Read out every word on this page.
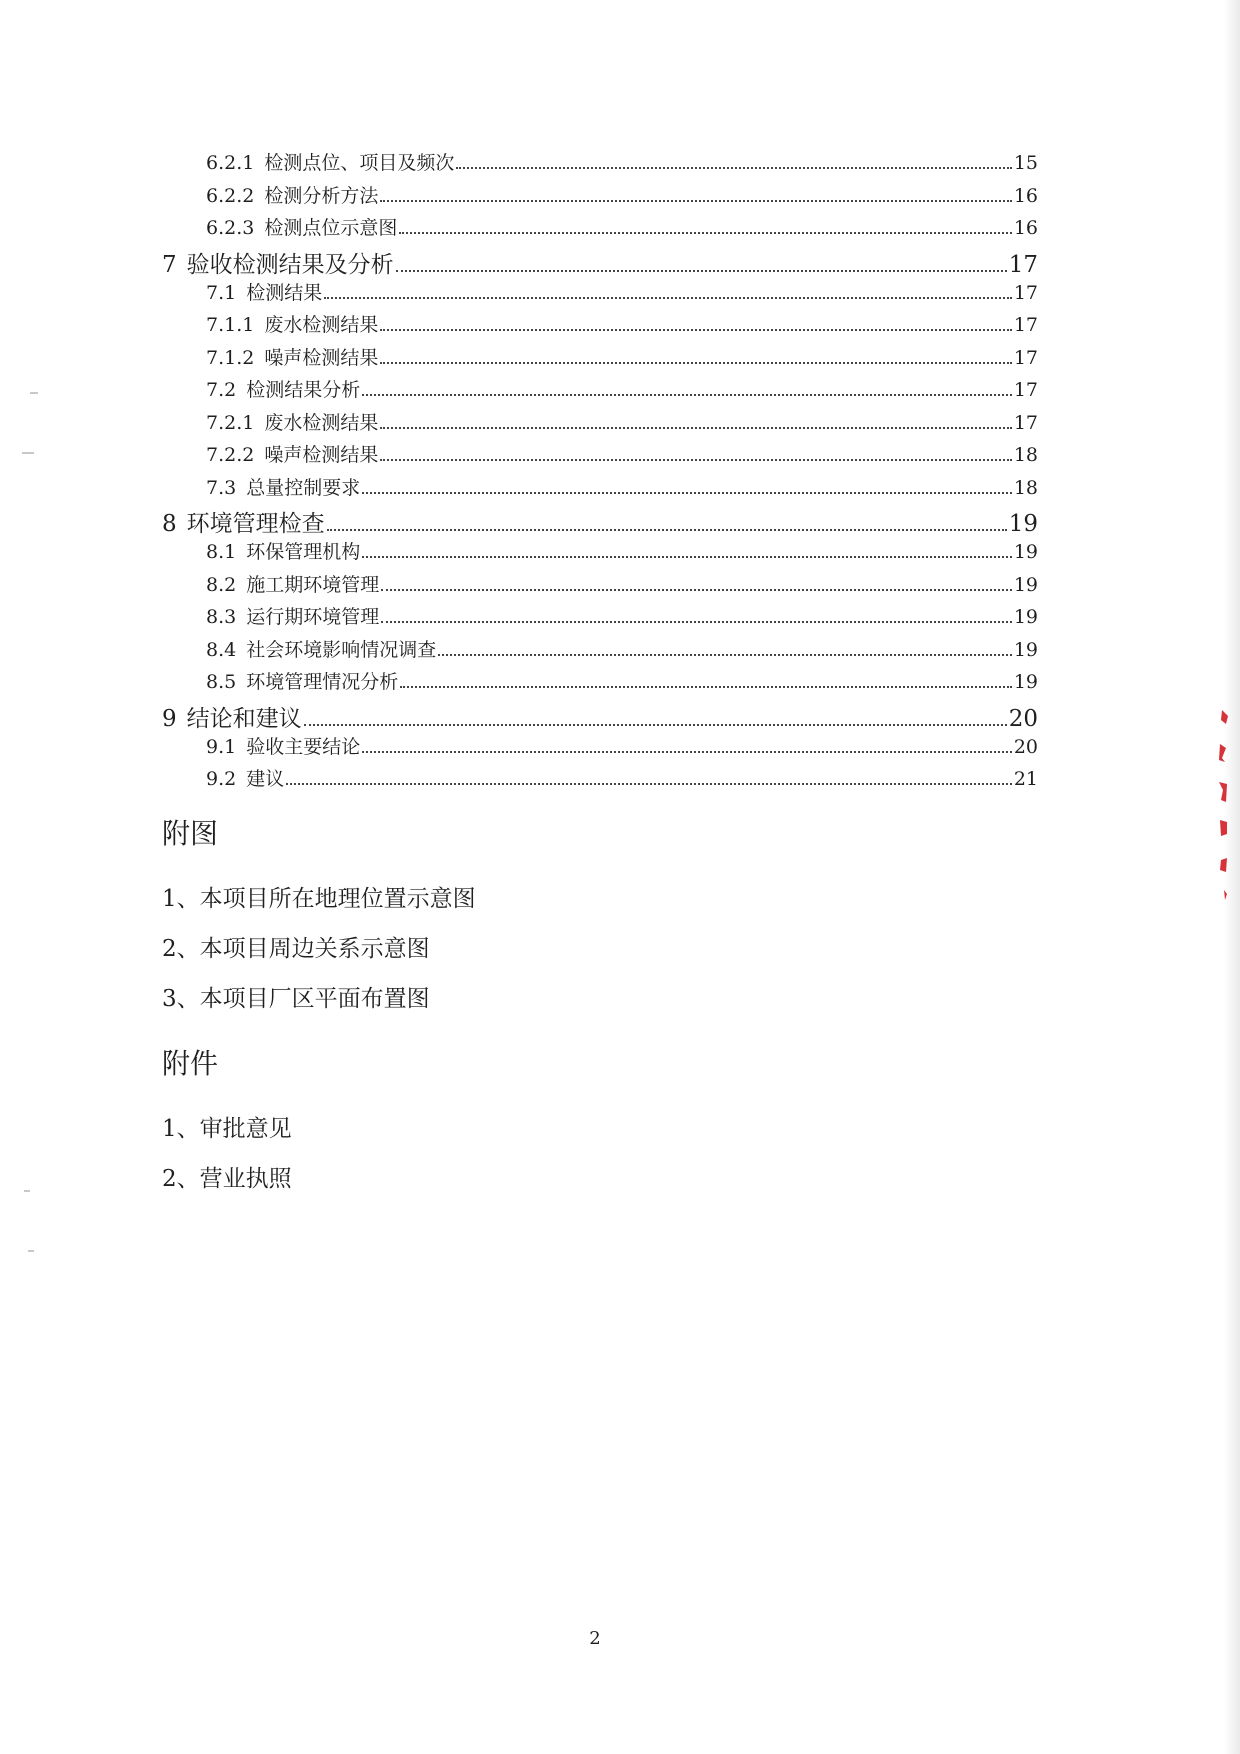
6.2.1 检测点位、项目及频次	15
6.2.2 检测分析方法	16
6.2.3 检测点位示意图	16
7 验收检测结果及分析	17
7.1 检测结果	17
7.1.1 废水检测结果	17
7.1.2 噪声检测结果	17
7.2 检测结果分析	17
7.2.1 废水检测结果	17
7.2.2 噪声检测结果	18
7.3 总量控制要求	18
8 环境管理检查	19
8.1 环保管理机构	19
8.2 施工期环境管理	19
8.3 运行期环境管理	19
8.4 社会环境影响情况调查	19
8.5 环境管理情况分析	19
9 结论和建议	20
9.1 验收主要结论	20
9.2 建议	21
附图

1、本项目所在地理位置示意图

2、本项目周边关系示意图

3、本项目厂区平面布置图

附件

1、审批意见

2、营业执照

2
